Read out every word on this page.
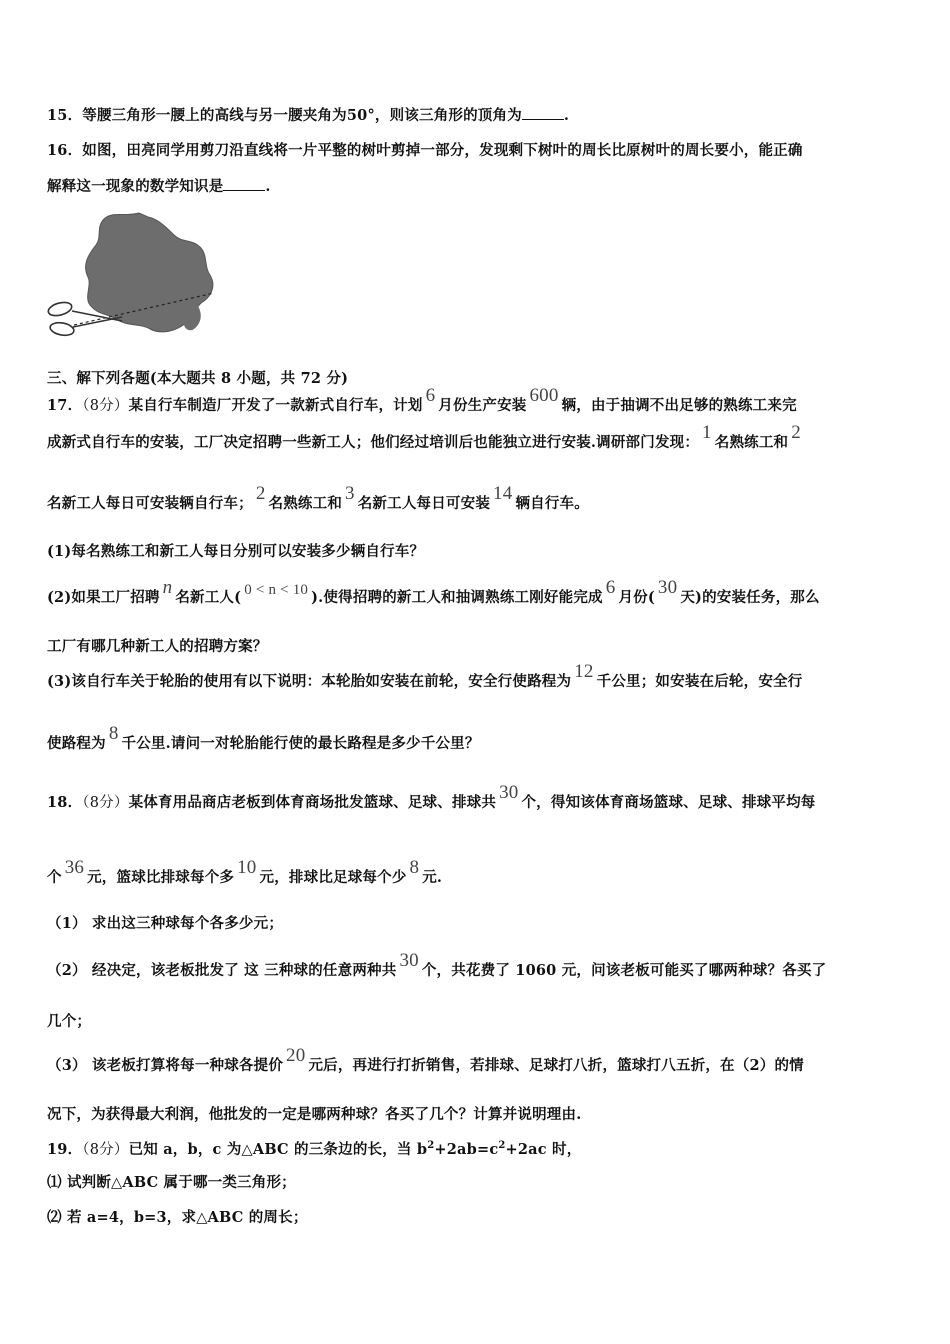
15．等腰三角形一腰上的高线与另一腰夹角为50°，则该三角形的顶角为	.
16．如图，田亮同学用剪刀沿直线将一片平整的树叶剪掉一部分，发现剩下树叶的周长比原树叶的周长要小，能正确
解释这一现象的数学知识是	.
三、解下列各题(本大题共 8 小题，共 72 分)
17．（8分）某自行车制造厂开发了一款新式自行车，计划 6 月份生产安装 600 辆，由于抽调不出足够的熟练工来完
成新式自行车的安装，工厂决定招聘一些新工人；他们经过培训后也能独立进行安装.调研部门发现： 1 名熟练工和 2
名新工人每日可安装辆自行车； 2 名熟练工和 3 名新工人每日可安装 14 辆自行车。
(1)每名熟练工和新工人每日分别可以安装多少辆自行车？
(2)如果工厂招聘 n 名新工人( 0 < n < 10 ).使得招聘的新工人和抽调熟练工刚好能完成 6 月份( 30 天)的安装任务，那么
工厂有哪几种新工人的招聘方案？
(3)该自行车关于轮胎的使用有以下说明：本轮胎如安装在前轮，安全行使路程为 12 千公里；如安装在后轮，安全行
使路程为 8 千公里.请问一对轮胎能行使的最长路程是多少千公里？
18．（8分）某体育用品商店老板到体育商场批发篮球、足球、排球共 30 个，得知该体育商场篮球、足球、排球平均每
个 36 元，篮球比排球每个多 10 元，排球比足球每个少 8 元.
（1） 求出这三种球每个各多少元；
（2） 经决定，该老板批发了 这 三种球的任意两种共 30 个，共花费了 1060 元，问该老板可能买了哪两种球？各买了
几个；
（3） 该老板打算将每一种球各提价 20 元后，再进行打折销售，若排球、足球打八折，篮球打八五折，在（2）的情
况下，为获得最大利润，他批发的一定是哪两种球？各买了几个？计算并说明理由.
19．（8分）已知 a，b，c 为△ABC 的三条边的长，当 $b^2+2ab=c^2+2ac$ 时，
⑴ 试判断△ABC 属于哪一类三角形；
⑵ 若 a=4，b=3，求△ABC 的周长；
